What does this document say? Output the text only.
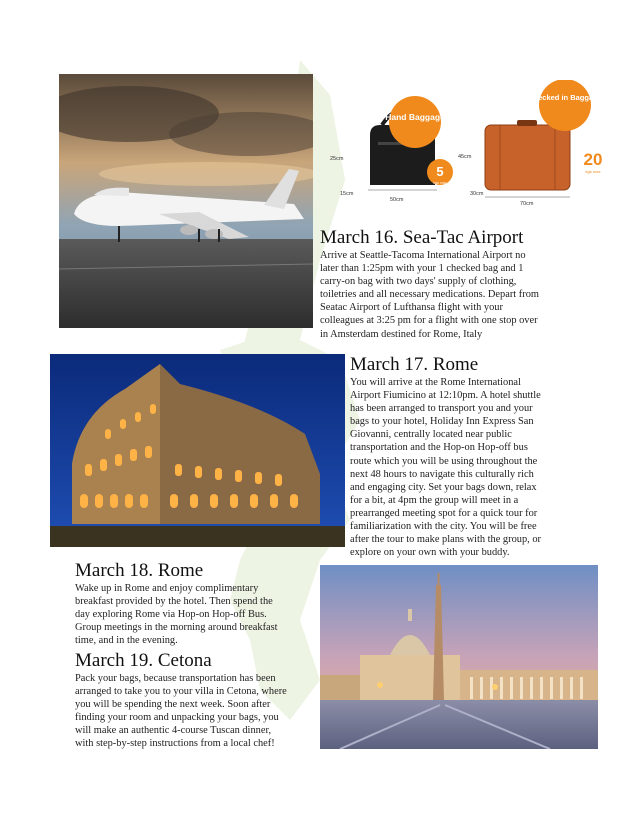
Hand Baggage
5
kgs max
25cm
15cm
50cm
Checked in Baggage
20
kgs max
45cm
30cm
70cm
March 16. Sea-Tac Airport

Arrive at Seattle-Tacoma International Airport no
later than 1:25pm with your 1 checked bag and 1
carry-on bag with two days' supply of clothing,
toiletries and all necessary medications. Depart from
Seatac Airport of Lufthansa flight with your
colleagues at 3:25 pm for a flight with one stop over
in Amsterdam destined for Rome, Italy

March 17. Rome

You will arrive at the Rome International
Airport Fiumicino at 12:10pm. A hotel shuttle
has been arranged to transport you and your
bags to your hotel, Holiday Inn Express San
Giovanni, centrally located near public
transportation and the Hop-on Hop-off bus
route which you will be using throughout the
next 48 hours to navigate this culturally rich
and engaging city. Set your bags down, relax
for a bit, at 4pm the group will meet in a
prearranged meeting spot for a quick tour for
familiarization with the city. You will be free
after the tour to make plans with the group, or
explore on your own with your buddy.

March 18. Rome

Wake up in Rome and enjoy complimentary
breakfast provided by the hotel. Then spend the
day exploring Rome via Hop-on Hop-off Bus.
Group meetings in the morning around breakfast
time, and in the evening.

March 19. Cetona

Pack your bags, because transportation has been
arranged to take you to your villa in Cetona, where
you will be spending the next week. Soon after
finding your room and unpacking your bags, you
will make an authentic 4-course Tuscan dinner,
with step-by-step instructions from a local chef!
